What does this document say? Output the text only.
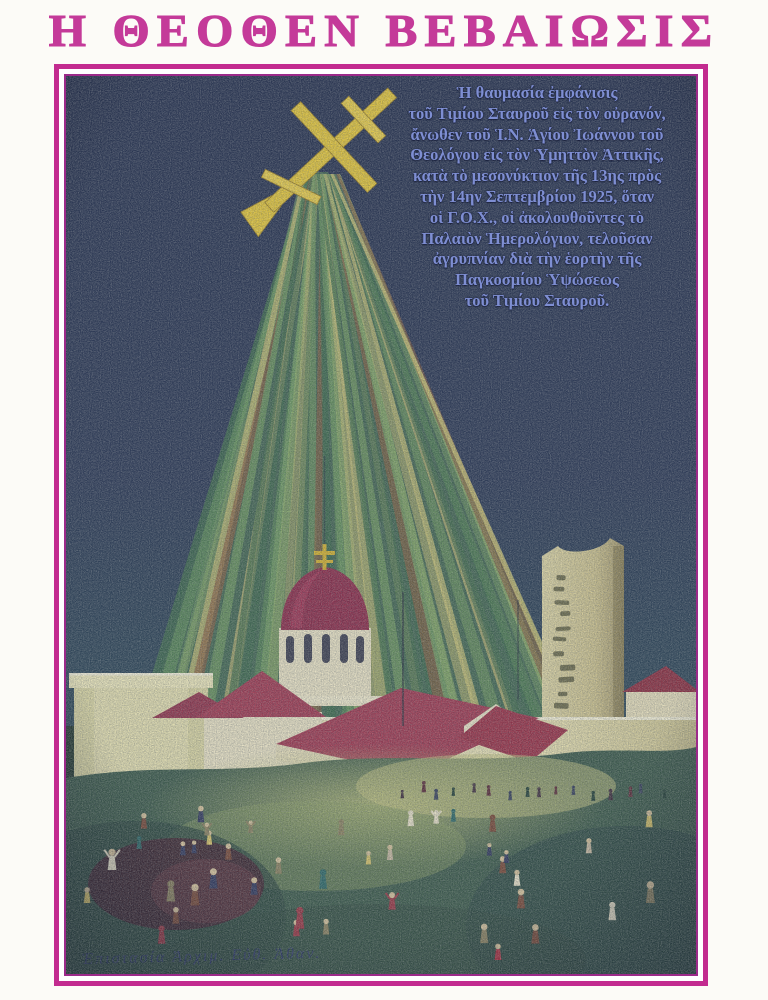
Η ΘΕΟΘΕΝ ΒΕΒΑΙΩΣΙΣ
Ἡ θαυμασία ἐμφάνισις
τοῦ Τιμίου Σταυροῦ εἰς τὸν οὐρανόν,
ἄνωθεν τοῦ Ἱ.Ν. Ἁγίου Ἰωάννου τοῦ
Θεολόγου εἰς τὸν Ὑμηττὸν Ἀττικῆς,
κατὰ τὸ μεσονύκτιον τῆς 13ης πρὸς
τὴν 14ην Σεπτεμβρίου 1925, ὅταν
οἱ Γ.Ο.Χ., οἱ ἀκολουθοῦντες τὸ
Παλαιὸν Ἡμερολόγιον, τελοῦσαν
ἀγρυπνίαν διὰ τὴν ἑορτὴν τῆς
Παγκοσμίου Ὑψώσεως
τοῦ Τιμίου Σταυροῦ.
